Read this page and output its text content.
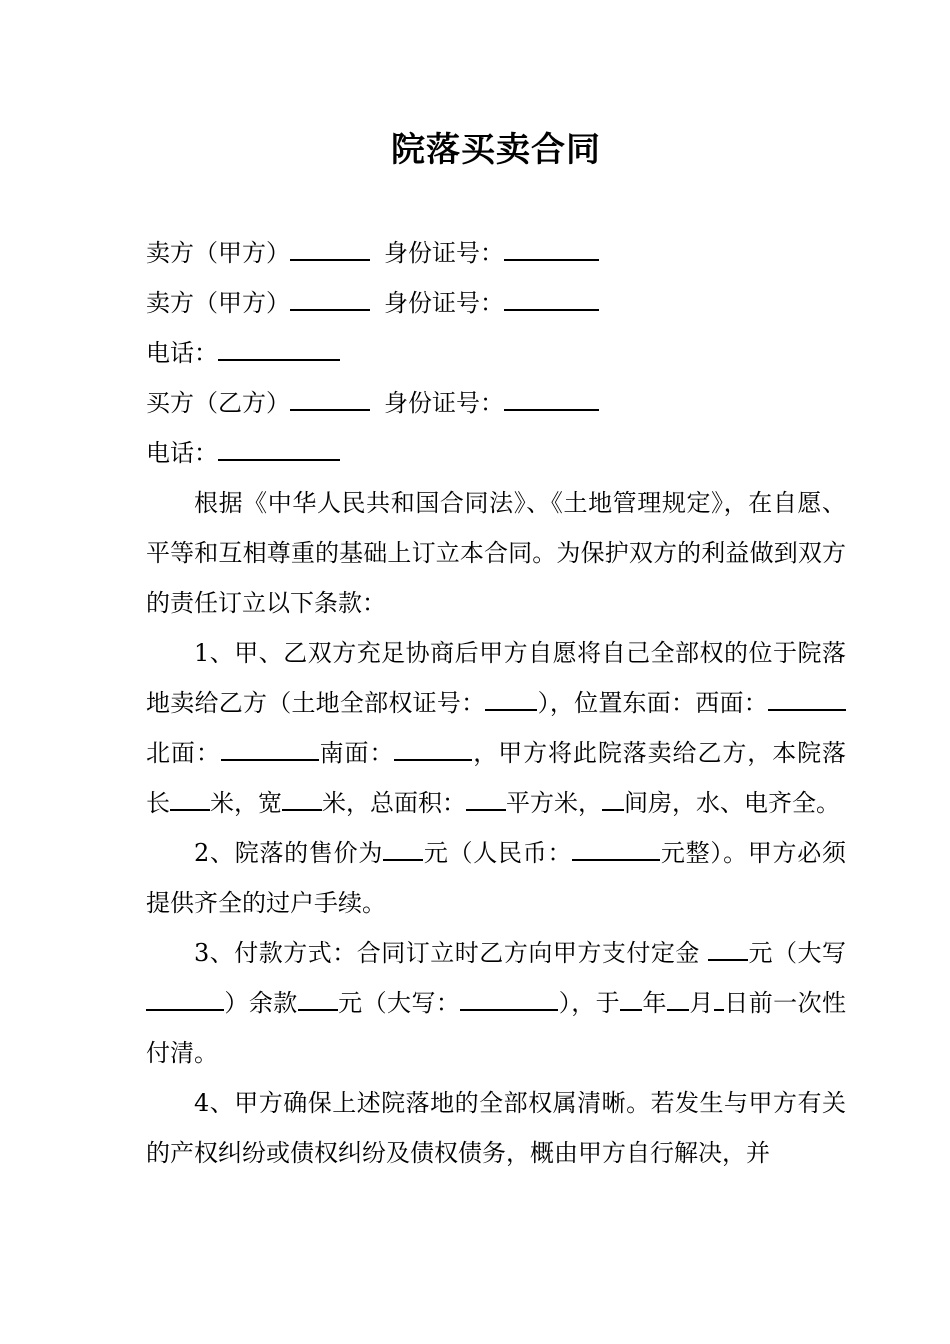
院落买卖合同
卖方（甲方）	身份证号：
卖方（甲方）	身份证号：
电话：
买方（乙方）	身份证号：
电话：

根据《中华人民共和国合同法》、《土地管理规定》，在自愿、平等和互相尊重的基础上订立本合同。为保护双方的利益做到双方的责任订立以下条款：

1、甲、乙双方充足协商后甲方自愿将自己全部权的位于院落地卖给乙方（土地全部权证号： ），位置东面：西面：北面：	南面：	，甲方将此院落卖给乙方，本院落长 米，宽 米，总面积： 平方米， 间房，水、电齐全。

2、院落的售价为 元（人民币：	元整）。甲方必须提供齐全的过户手续。

3、付款方式：合同订立时乙方向甲方支付定金 元（大写）余款 元（大写：	），于 年 月 日前一次性付清。

4、甲方确保上述院落地的全部权属清晰。若发生与甲方有关的产权纠纷或债权纠纷及债权债务，概由甲方自行解决，并
